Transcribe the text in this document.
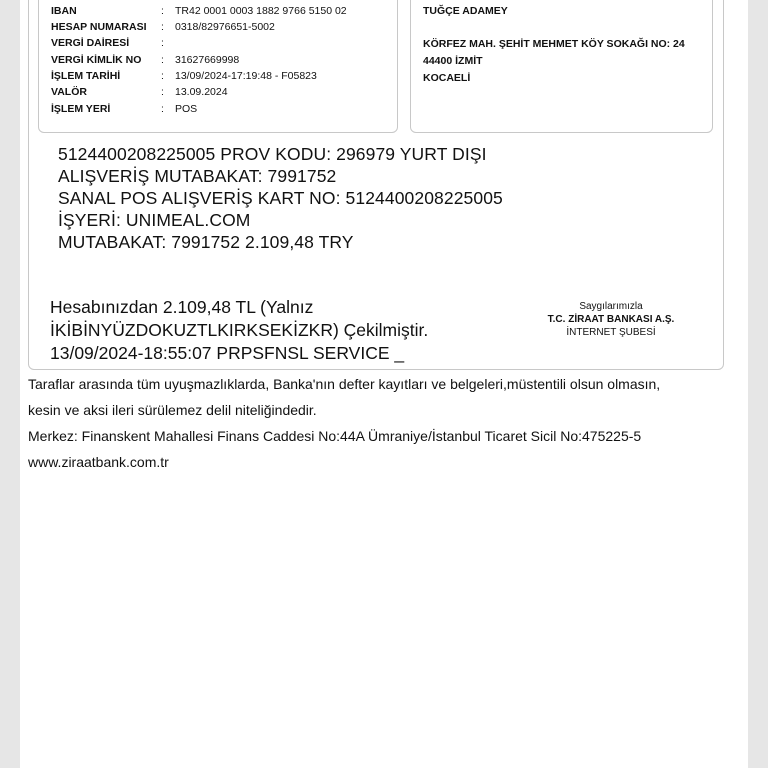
IBAN	: TR42 0001 0003 1882 9766 5150 02
HESAP NUMARASI : 0318/82976651-5002
VERGİ DAİRESİ	:
VERGİ KİMLİK NO : 31627669998
İŞLEM TARİHİ	: 13/09/2024-17:19:48 - F05823
VALÖR	: 13.09.2024
İŞLEM YERİ	: POS
TUĞÇE ADAMEY
KÖRFEZ MAH. ŞEHİT MEHMET KÖY SOKAĞI NO: 24
44400 İZMİT
KOCAELİ
5124400208225005 PROV KODU: 296979 YURT DIŞI
ALIŞVERİŞ MUTABAKAT: 7991752
SANAL POS ALIŞVERİŞ KART NO: 5124400208225005
İŞYERİ: UNIMEAL.COM
MUTABAKAT: 7991752 2.109,48 TRY
Hesabınızdan 2.109,48 TL (Yalnız
İKİBİNYÜZDOKUZTLKIRKSEKİZKR) Çekilmiştir.
13/09/2024-18:55:07 PRPSFNSL SERVICE _
Saygılarımızla
T.C. ZİRAAT BANKASI A.Ş.
İNTERNET ŞUBESİ
Taraflar arasında tüm uyuşmazlıklarda, Banka'nın defter kayıtları ve belgeleri,müstentili olsun olmasın,
kesin ve aksi ileri sürülemez delil niteliğindedir.
Merkez: Finanskent Mahallesi Finans Caddesi No:44A Ümraniye/İstanbul Ticaret Sicil No:475225-5
www.ziraatbank.com.tr
